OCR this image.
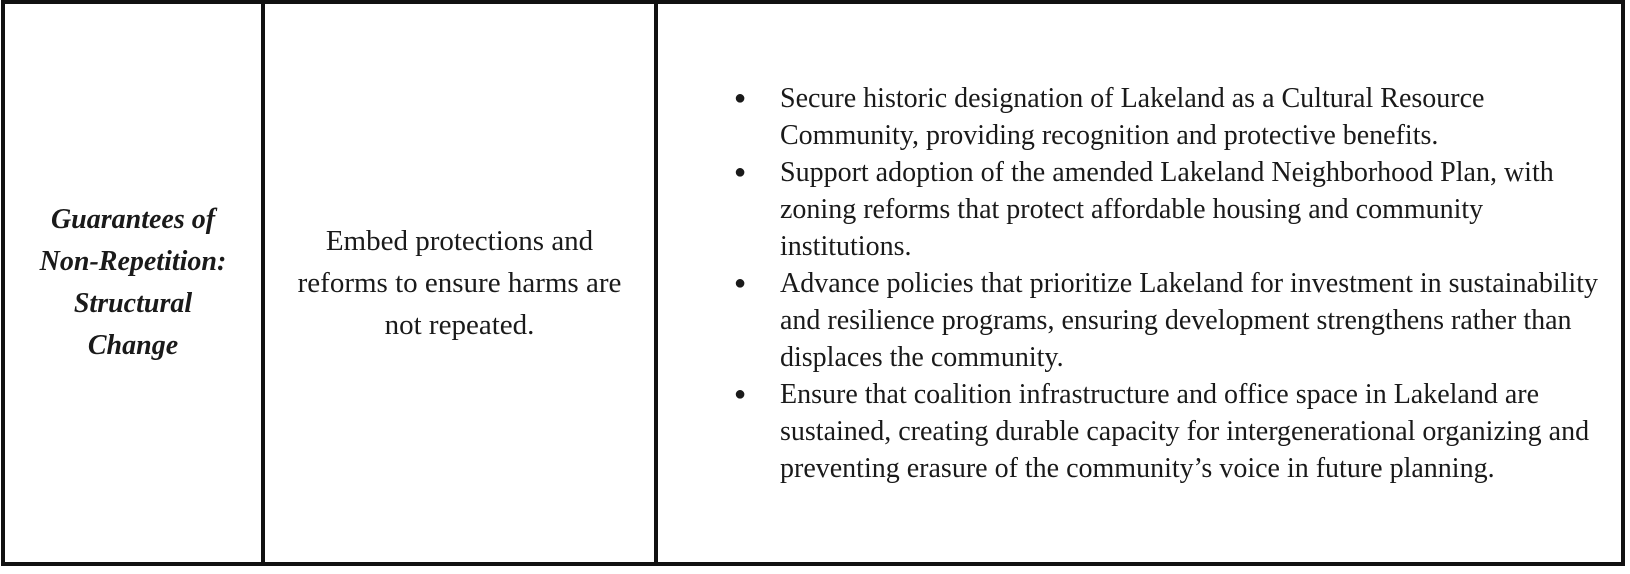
Guarantees of
Non-Repetition:
Structural
Change
Embed protections and reforms to ensure harms are not repeated.
● Secure historic designation of Lakeland as a Cultural Resource Community, providing recognition and protective benefits.
● Support adoption of the amended Lakeland Neighborhood Plan, with zoning reforms that protect affordable housing and community institutions.
● Advance policies that prioritize Lakeland for investment in sustainability and resilience programs, ensuring development strengthens rather than displaces the community.
● Ensure that coalition infrastructure and office space in Lakeland are sustained, creating durable capacity for intergenerational organizing and preventing erasure of the community’s voice in future planning.
